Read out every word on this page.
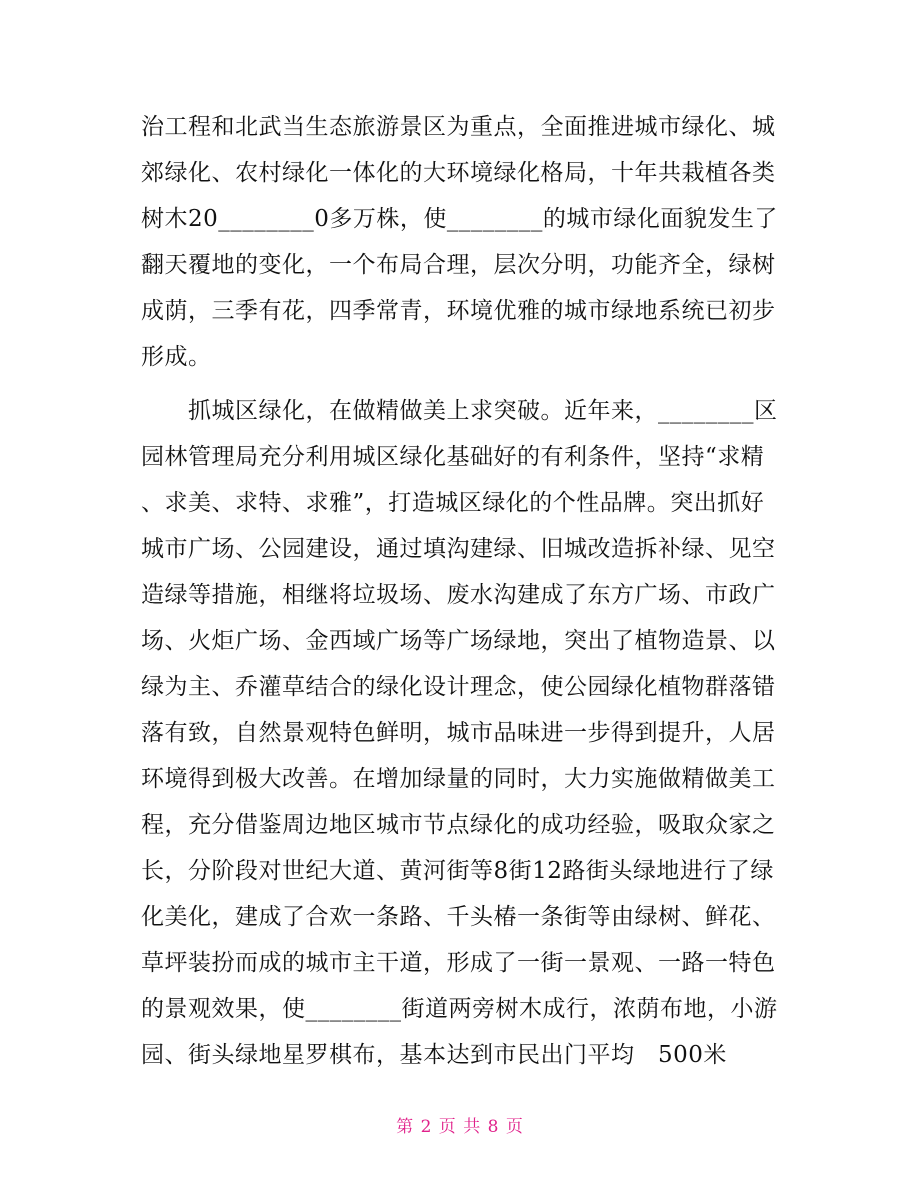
治工程和北武当生态旅游景区为重点，全面推进城市绿化、城
郊绿化、农村绿化一体化的大环境绿化格局，十年共栽植各类
树木20________0多万株，使________的城市绿化面貌发生了
翻天覆地的变化，一个布局合理，层次分明，功能齐全，绿树
成荫，三季有花，四季常青，环境优雅的城市绿地系统已初步
形成。
　　抓城区绿化，在做精做美上求突破。近年来，________区
园林管理局充分利用城区绿化基础好的有利条件，坚持“求精
、求美、求特、求雅”，打造城区绿化的个性品牌。突出抓好
城市广场、公园建设，通过填沟建绿、旧城改造拆补绿、见空
造绿等措施，相继将垃圾场、废水沟建成了东方广场、市政广
场、火炬广场、金西域广场等广场绿地，突出了植物造景、以
绿为主、乔灌草结合的绿化设计理念，使公园绿化植物群落错
落有致，自然景观特色鲜明，城市品味进一步得到提升，人居
环境得到极大改善。在增加绿量的同时，大力实施做精做美工
程，充分借鉴周边地区城市节点绿化的成功经验，吸取众家之
长，分阶段对世纪大道、黄河街等8街12路街头绿地进行了绿
化美化，建成了合欢一条路、千头椿一条街等由绿树、鲜花、
草坪装扮而成的城市主干道，形成了一街一景观、一路一特色
的景观效果，使________街道两旁树木成行，浓荫布地，小游
园、街头绿地星罗棋布，基本达到市民出门平均　500米
第 2 页 共 8 页
